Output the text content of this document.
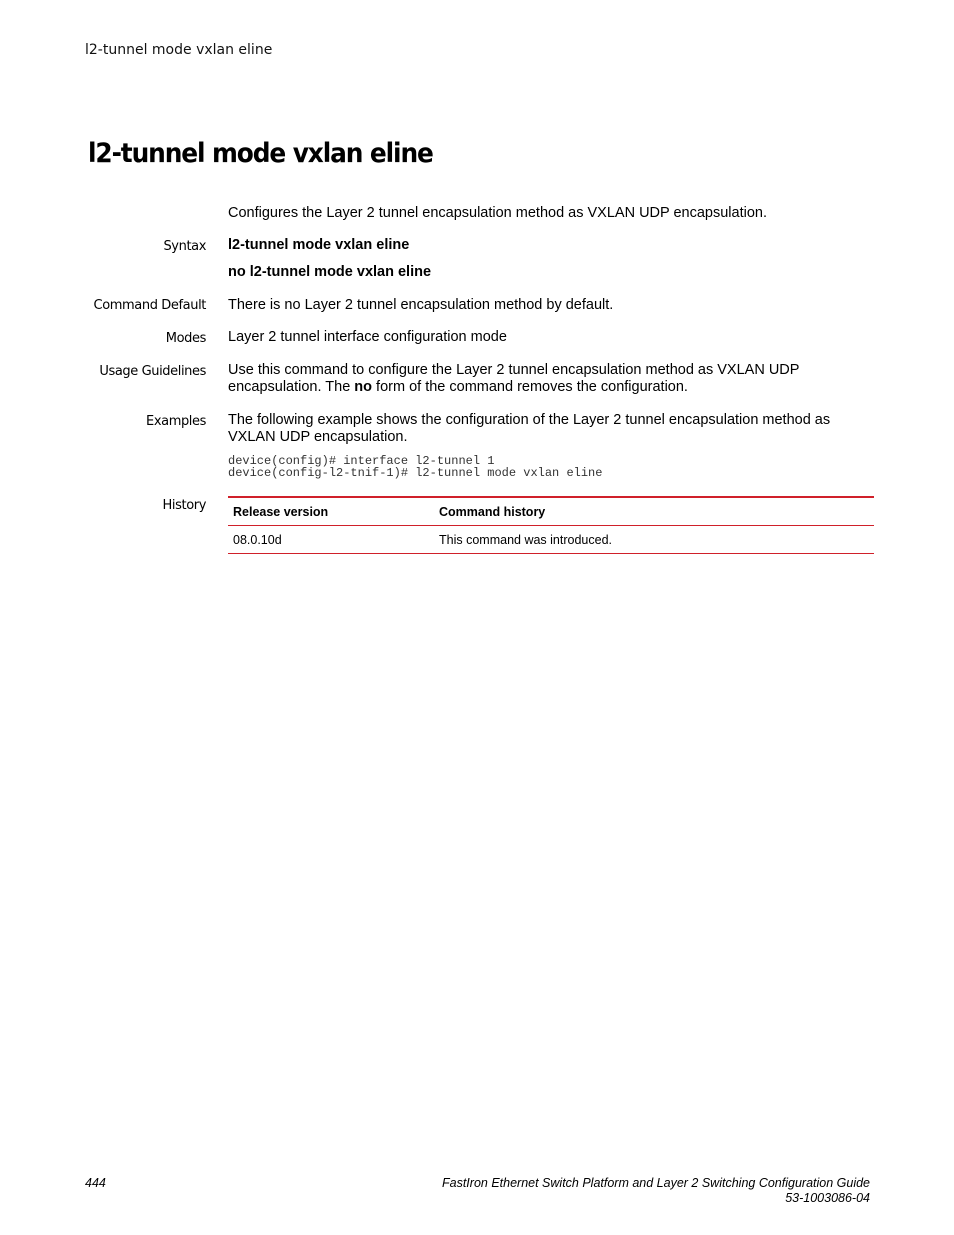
l2-tunnel mode vxlan eline
l2-tunnel mode vxlan eline
Configures the Layer 2 tunnel encapsulation method as VXLAN UDP encapsulation.
Syntax l2-tunnel mode vxlan eline
no l2-tunnel mode vxlan eline
Command Default There is no Layer 2 tunnel encapsulation method by default.
Modes Layer 2 tunnel interface configuration mode
Usage Guidelines Use this command to configure the Layer 2 tunnel encapsulation method as VXLAN UDP encapsulation. The no form of the command removes the configuration.
Examples The following example shows the configuration of the Layer 2 tunnel encapsulation method as VXLAN UDP encapsulation.
device(config)# interface l2-tunnel 1
device(config-l2-tnif-1)# l2-tunnel mode vxlan eline
History Release version	Command history
08.0.10d	This command was introduced.
444	FastIron Ethernet Switch Platform and Layer 2 Switching Configuration Guide
53-1003086-04
